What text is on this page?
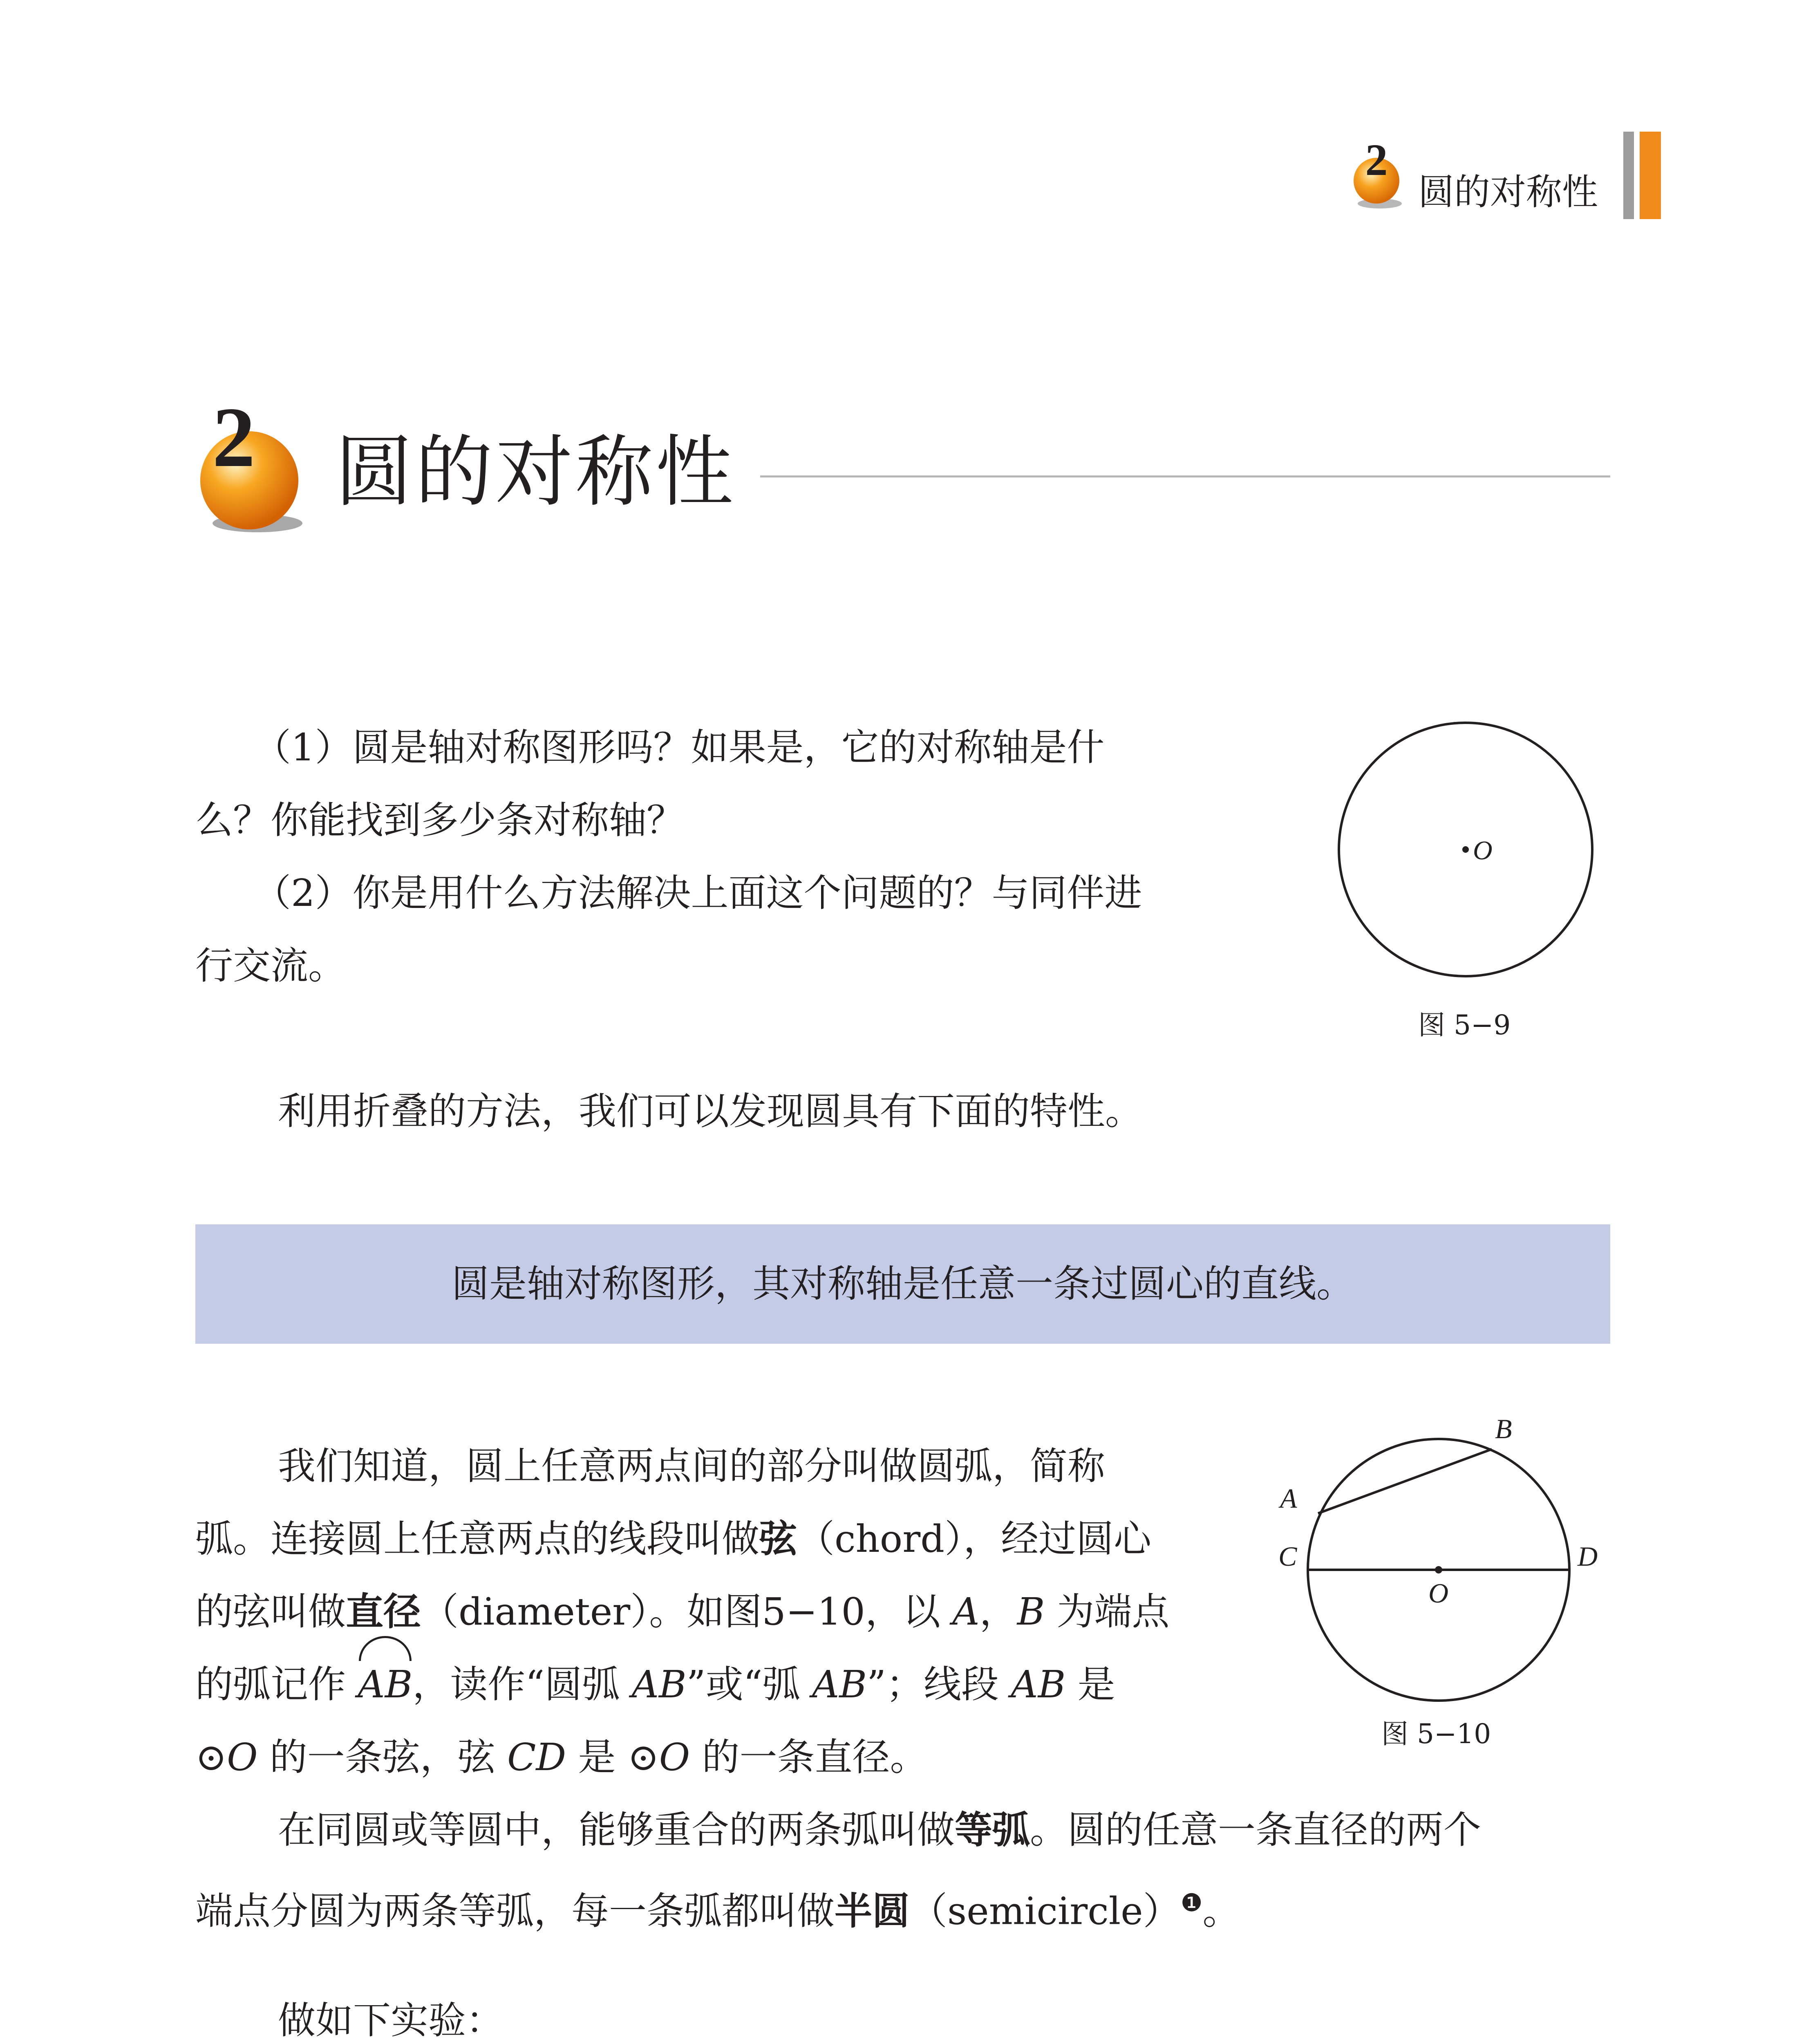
2
圆的对称性
2 圆的对称性
（1）圆是轴对称图形吗？如果是，它的对称轴是什
么？你能找到多少条对称轴？
（2）你是用什么方法解决上面这个问题的？与同伴进
行交流。
O
图 5−9
利用折叠的方法，我们可以发现圆具有下面的特性。
圆是轴对称图形，其对称轴是任意一条过圆心的直线。
我们知道，圆上任意两点间的部分叫做圆弧，简称
弧。连接圆上任意两点的线段叫做弦（chord），经过圆心
的弦叫做直径（diameter）。如图5−10，以 A，B 为端点
的弧记作 AB，读作“圆弧 AB”或“弧 AB”；线段 AB 是
⊙O 的一条弦，弦 CD 是 ⊙O 的一条直径。
B
A
C	D
O
图 5−10
在同圆或等圆中，能够重合的两条弧叫做等弧。圆的任意一条直径的两个
端点分圆为两条等弧，每一条弧都叫做半圆（semicircle）$^❶$。
做如下实验：
